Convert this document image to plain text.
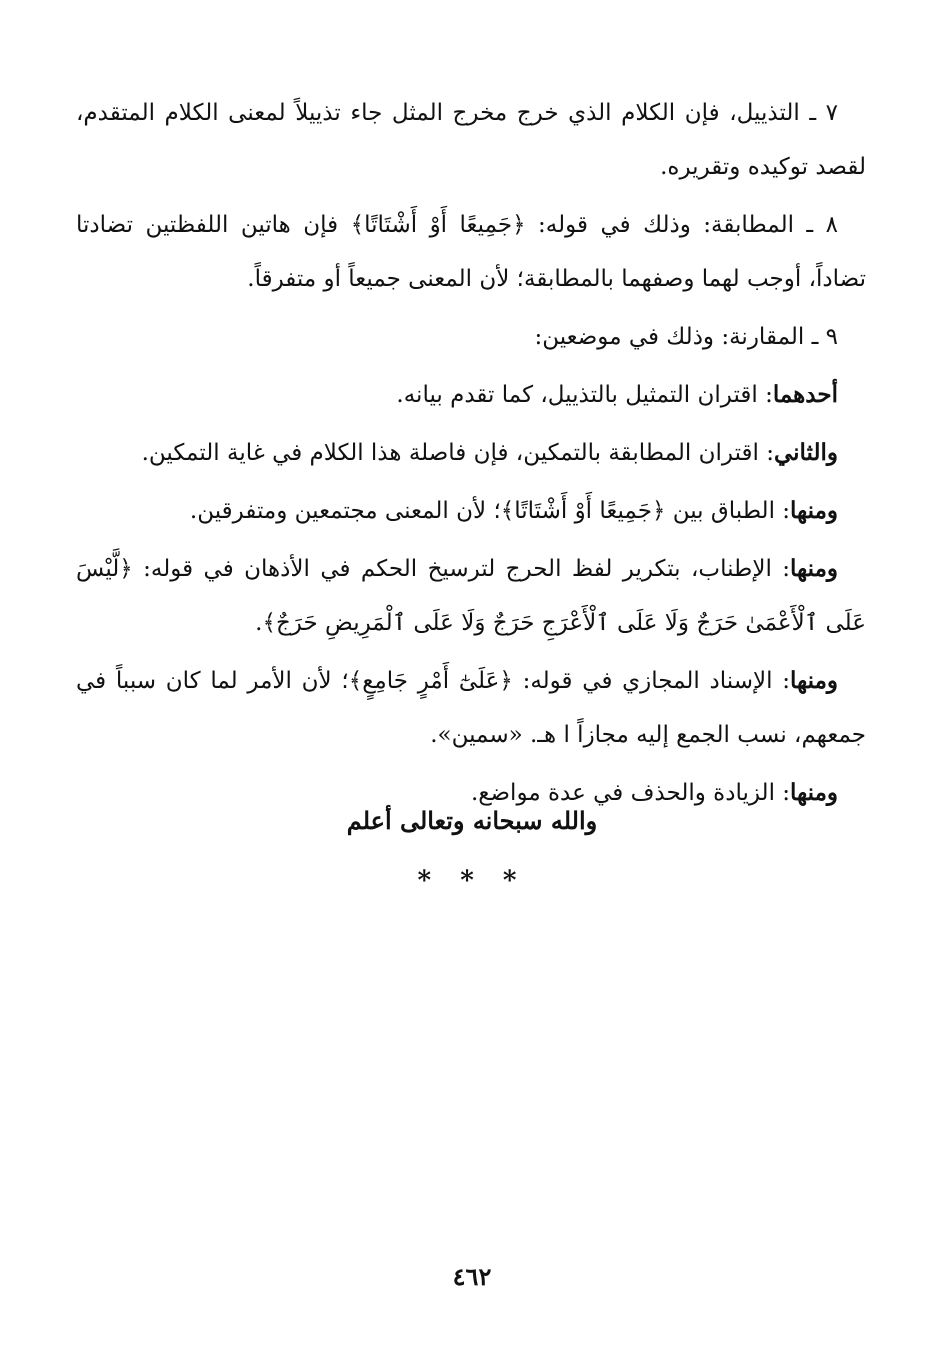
٧ ـ التذييل، فإن الكلام الذي خرج مخرج المثل جاء تذييلاً لمعنى الكلام المتقدم، لقصد توكيده وتقريره.

٨ ـ المطابقة: وذلك في قوله: ﴿جَمِيعًا أَوْ أَشْتَاتًا﴾ فإن هاتين اللفظتين تضادتا تضاداً، أوجب لهما وصفهما بالمطابقة؛ لأن المعنى جميعاً أو متفرقاً.

٩ ـ المقارنة: وذلك في موضعين:

أحدهما: اقتران التمثيل بالتذييل، كما تقدم بيانه.

والثاني: اقتران المطابقة بالتمكين، فإن فاصلة هذا الكلام في غاية التمكين.

ومنها: الطباق بين ﴿جَمِيعًا أَوْ أَشْتَاتًا﴾؛ لأن المعنى مجتمعين ومتفرقين.

ومنها: الإطناب، بتكرير لفظ الحرج لترسيخ الحكم في الأذهان في قوله: ﴿لَّيْسَ عَلَى ٱلْأَعْمَىٰ حَرَجٌ وَلَا عَلَى ٱلْأَعْرَجِ حَرَجٌ وَلَا عَلَى ٱلْمَرِيضِ حَرَجٌ﴾.

ومنها: الإسناد المجازي في قوله: ﴿عَلَىٰٓ أَمْرٍ جَامِعٍ﴾؛ لأن الأمر لما كان سبباً في جمعهم، نسب الجمع إليه مجازاً ا هـ. «سمين».

ومنها: الزيادة والحذف في عدة مواضع.

والله سبحانه وتعالى أعلم
* * *
٤٦٢
